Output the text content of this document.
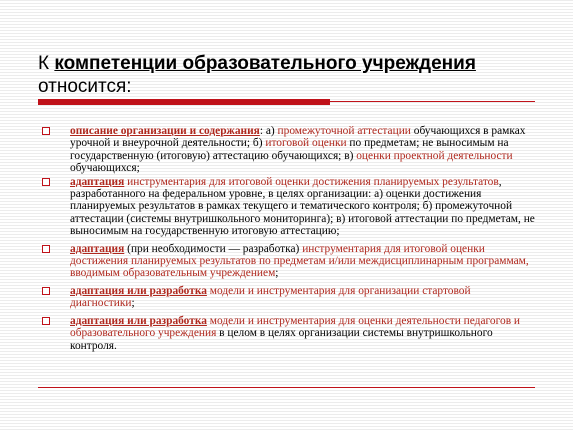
К компетенции образовательного учреждения
относится:
описание организации и содержания: а) промежуточной аттестации обучающихся в рамках урочной и внеурочной деятельности; б) итоговой оценки по предметам; не выносимым на государственную (итоговую) аттестацию обучающихся; в) оценки проектной деятельности обучающихся;
адаптация инструментария для итоговой оценки достижения планируемых результатов, разработанного на федеральном уровне, в целях организации: а) оценки достижения планируемых результатов в рамках текущего и тематического контроля; б) промежуточной аттестации (системы внутришкольного мониторинга); в) итоговой аттестации по предметам, не выносимым на государственную итоговую аттестацию;
адаптация (при необходимости — разработка) инструментария для итоговой оценки достижения планируемых результатов по предметам и/или междисциплинарным программам, вводимым образовательным учреждением;
адаптация или разработка модели и инструментария для организации стартовой диагностики;
адаптация или разработка модели и инструментария для оценки деятельности педагогов и образовательного учреждения в целом в целях организации системы внутришкольного контроля.
